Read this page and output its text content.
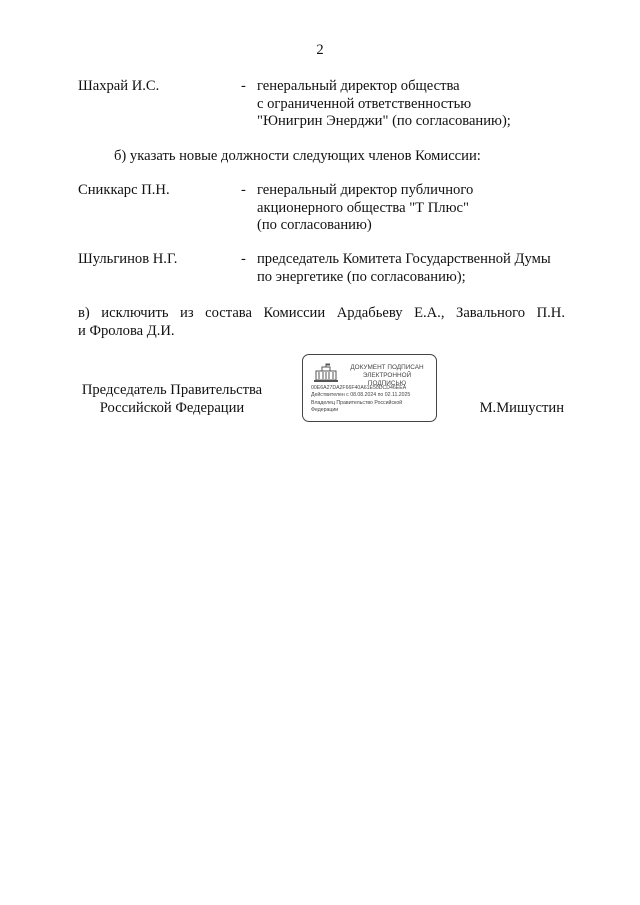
2
Шахрай И.С.	- генеральный директор общества
с ограниченной ответственностью
"Юнигрин Энерджи" (по согласованию);
б) указать новые должности следующих членов Комиссии:
Сниккарс П.Н.	- генеральный директор публичного
акционерного общества "Т Плюс"
(по согласованию)
Шульгинов Н.Г.	- председатель Комитета Государственной Думы
по энергетике (по согласованию);
в) исключить из состава Комиссии Ардабьеву Е.А., Завального П.Н.
и Фролова Д.И.
Председатель Правительства
Российской Федерации	М.Мишустин
ДОКУМЕНТ ПОДПИСАН
ЭЛЕКТРОННОЙ ПОДПИСЬЮ
00E6A27DA2F66F40A61E50DCD46EEA
Действителен с 08.08.2024 по 02.11.2025
Владелец Правительство Российской
Федерации
